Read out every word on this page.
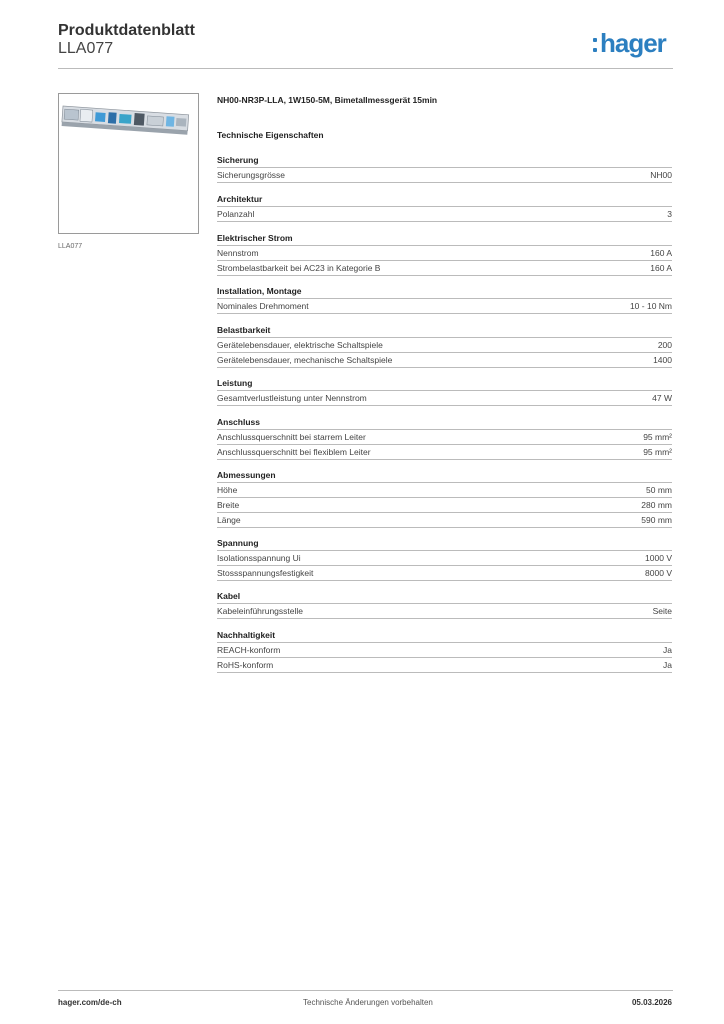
Produktdatenblatt
LLA077	hager
LLA077
NH00-NR3P-LLA, 1W150-5M, Bimetallmessgerät 15min
Technische Eigenschaften
Sicherung
Sicherungsgrösse	NH00
Architektur
Polanzahl	3
Elektrischer Strom
Nennstrom	160 A
Strombelastbarkeit bei AC23 in Kategorie B	160 A
Installation, Montage
Nominales Drehmoment	10 - 10 Nm
Belastbarkeit
Gerätelebensdauer, elektrische Schaltspiele	200
Gerätelebensdauer, mechanische Schaltspiele	1400
Leistung
Gesamtverlustleistung unter Nennstrom	47 W
Anschluss
Anschlussquerschnitt bei starrem Leiter	95 mm²
Anschlussquerschnitt bei flexiblem Leiter	95 mm²
Abmessungen
Höhe	50 mm
Breite	280 mm
Länge	590 mm
Spannung
Isolationsspannung Ui	1000 V
Stossspannungsfestigkeit	8000 V
Kabel
Kabeleinführungsstelle	Seite
Nachhaltigkeit
REACH-konform	Ja
RoHS-konform	Ja
hager.com/de-ch	Technische Änderungen vorbehalten	05.03.2026
